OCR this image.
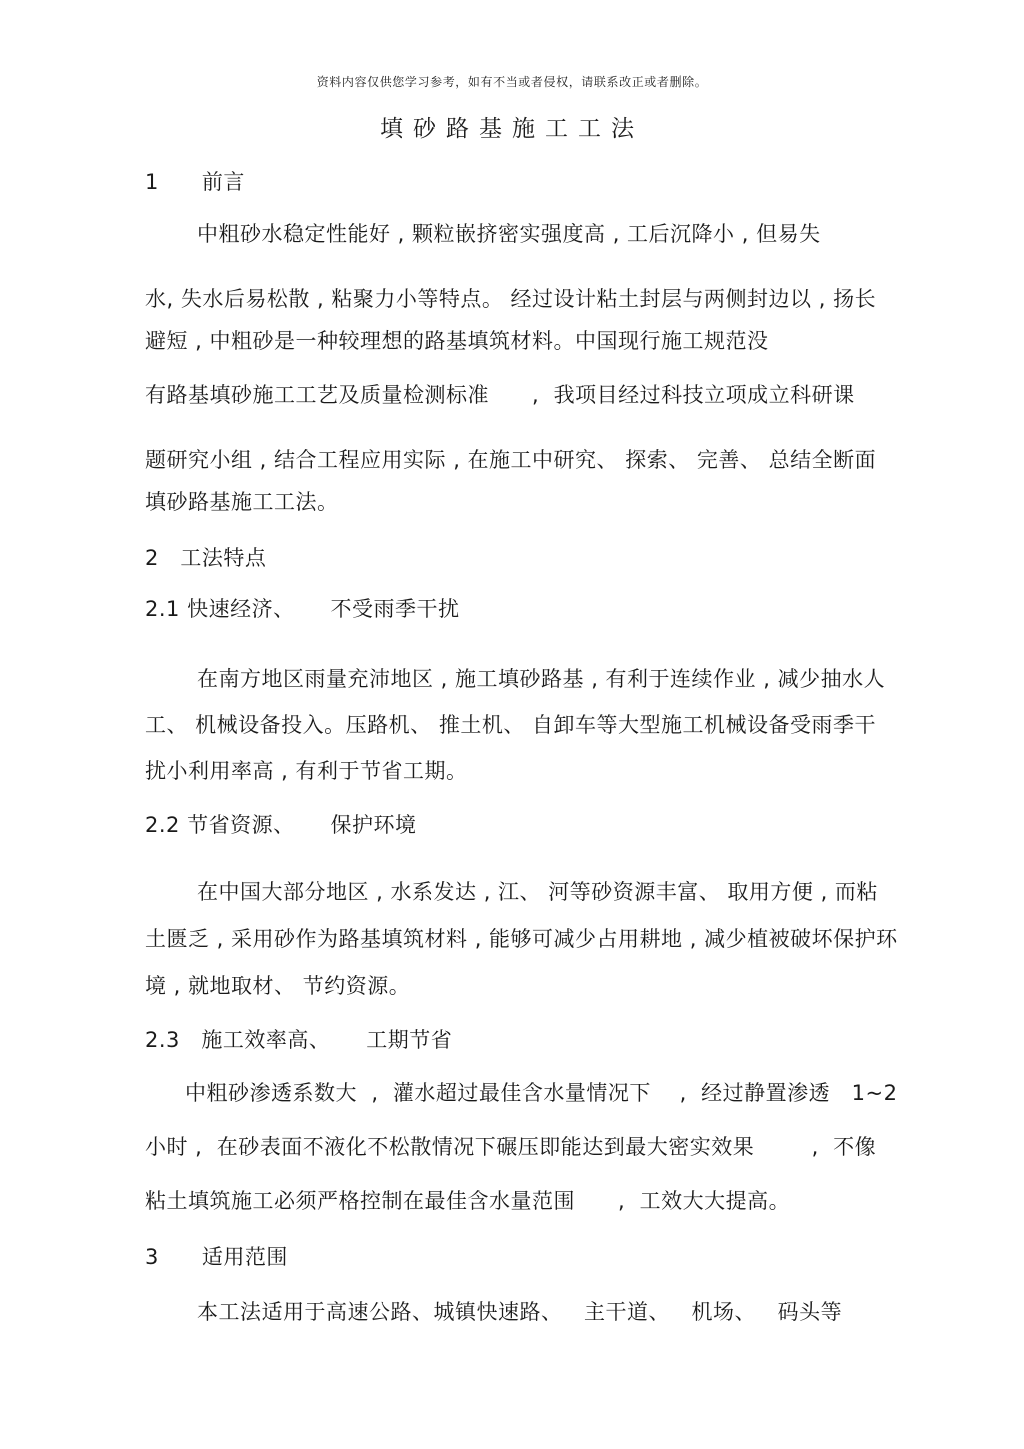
资料内容仅供您学习参考，如有不当或者侵权，请联系改正或者删除。
填砂路基施工工法
1      前言
中粗砂水稳定性能好 , 颗粒嵌挤密实强度高 , 工后沉降小 , 但易失
水, 失水后易松散 , 粘聚力小等特点。 经过设计粘土封层与两侧封边以 , 扬长
避短 , 中粗砂是一种较理想的路基填筑材料。中国现行施工规范没
有路基填砂施工工艺及质量检测标准      ,  我项目经过科技立项成立科研课
题研究小组 , 结合工程应用实际 , 在施工中研究、 探索、 完善、 总结全断面
填砂路基施工工法。
2   工法特点
2.1 快速经济、     不受雨季干扰
在南方地区雨量充沛地区 , 施工填砂路基 , 有利于连续作业 , 减少抽水人
工、 机械设备投入。压路机、 推土机、 自卸车等大型施工机械设备受雨季干
扰小利用率高 , 有利于节省工期。
2.2 节省资源、     保护环境
在中国大部分地区 , 水系发达 , 江、 河等砂资源丰富、 取用方便 , 而粘
土匮乏 , 采用砂作为路基填筑材料 , 能够可减少占用耕地 , 减少植被破坏保护环
境 , 就地取材、 节约资源。
2.3   施工效率高、     工期节省
中粗砂渗透系数大  ,  灌水超过最佳含水量情况下    ,  经过静置渗透   1~2
小时 ,  在砂表面不液化不松散情况下碾压即能达到最大密实效果        ,  不像
粘土填筑施工必须严格控制在最佳含水量范围      ,  工效大大提高。
3      适用范围
本工法适用于高速公路、城镇快速路、   主干道、   机场、   码头等
